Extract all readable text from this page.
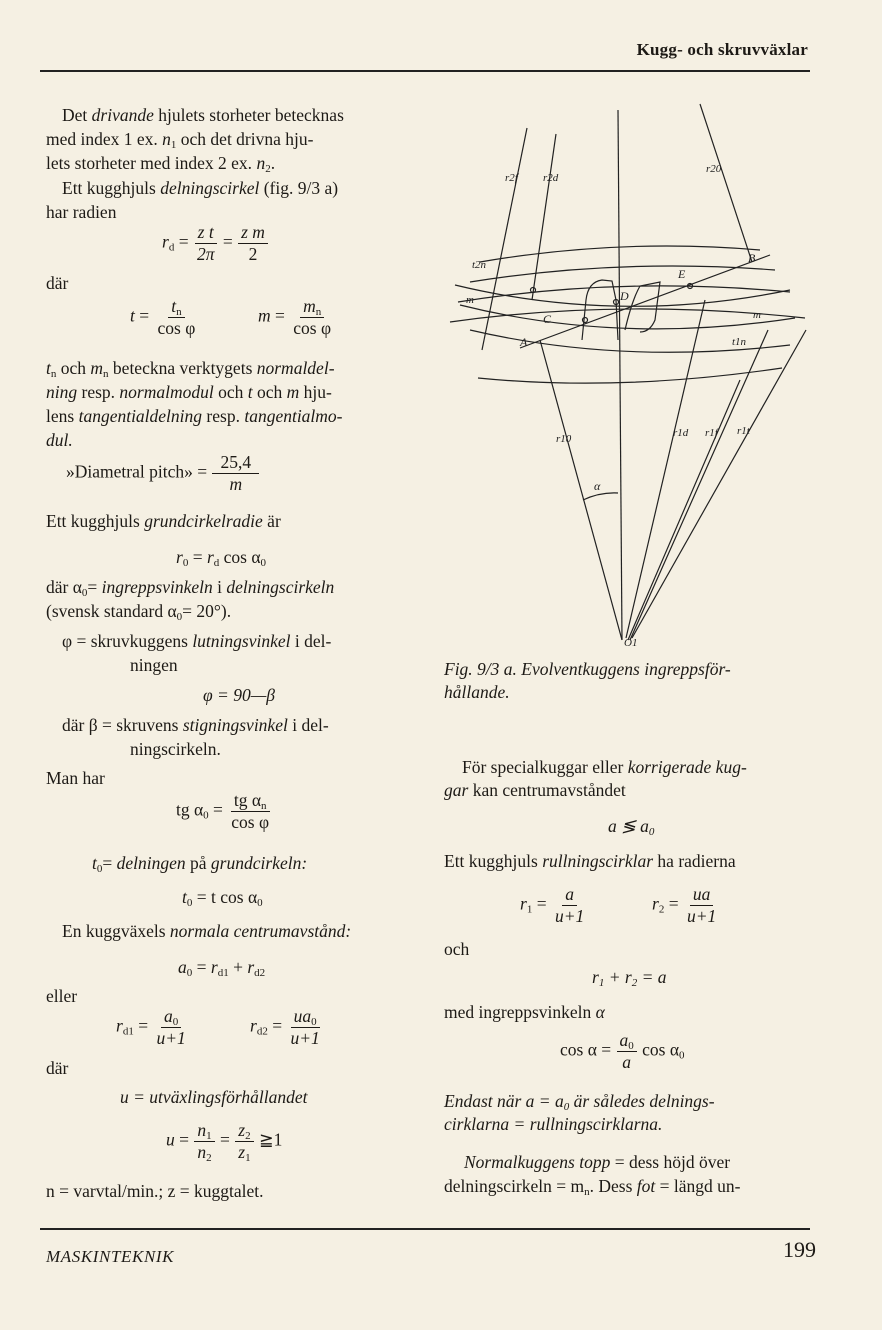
Kugg- och skruvväxlar
Det drivande hjulets storheter betecknas
med index 1 ex. $n_1$ och det drivna hju-
lets storheter med index 2 ex. $n_2$.
Ett kugghjuls delningscirkel (fig. 9/3 a)
har radien
$r_d = \frac{\text{z t}}{2\pi} = \frac{\text{z m}}{2}$
där
$t = \frac{t_n}{\text{cos φ}}$	$m = \frac{m_n}{\text{cos φ}}$
$t_n$ och $m_n$ beteckna verktygets normaldel-
ning resp. normalmodul och t och m hju-
lens tangentialdelning resp. tangentialmo-
dul.
»Diametral pitch» = $\frac{25,4}{m}$
Ett kugghjuls grundcirkelradie är
$r_0 = r_d$ $\cos \alpha_0$
där $\alpha_0=$ ingreppsvinkeln i delningscirkeln
(svensk standard $\alpha_0= 20^\circ$).
φ = skruvkuggens lutningsvinkel i del-
ningen
φ = 90—β
där β = skruvens stigningsvinkel i del-
ningscirkeln.
Man har
tg $\alpha_0 = \frac{tg \alpha_n}{\text{cos φ}}$
$t_0=$ delningen på grundcirkeln:
$t_0 = t$ $\cos \alpha_0$
En kuggväxels normala centrumavstånd:
$a_0 = r_{d1} + r_{d2}$
eller
$r_{d1} = \frac{a_0}{u+1}$	$r_{d2} = \frac{ua_0}{u+1}$
där
u = utväxlingsförhållandet
$u = \frac{n_1}{n_2} = \frac{z_2}{z_1}$ ≧1
n = varvtal/min.; z = kuggtalet.
r2f r2d
r20
t2n
m
B
E
D
C
A
m
t1n
r10	r1d r1f r1t
α
O1
Fig. 9/3 a. Evolventkuggens ingreppsför-
hållande.
För specialkuggar eller korrigerade kug-
gar kan centrumavståndet
a ≶ $a_0$
Ett kugghjuls rullningscirklar ha radierna
$r_1 = \frac{a}{u+1}$	$r_2 = \frac{ua}{u+1}$
och
$r_1 + r_2 = a$
med ingreppsvinkeln α
$\cos \alpha = \frac{a_0}{a}$ $\cos \alpha_0$
Endast när $a = a_0$ är således delnings-
cirklarna = rullningscirklarna.
Normalkuggens topp = dess höjd över
delningscirkeln = $m_n$. Dess fot = längd un-
MASKINTEKNIK	199
